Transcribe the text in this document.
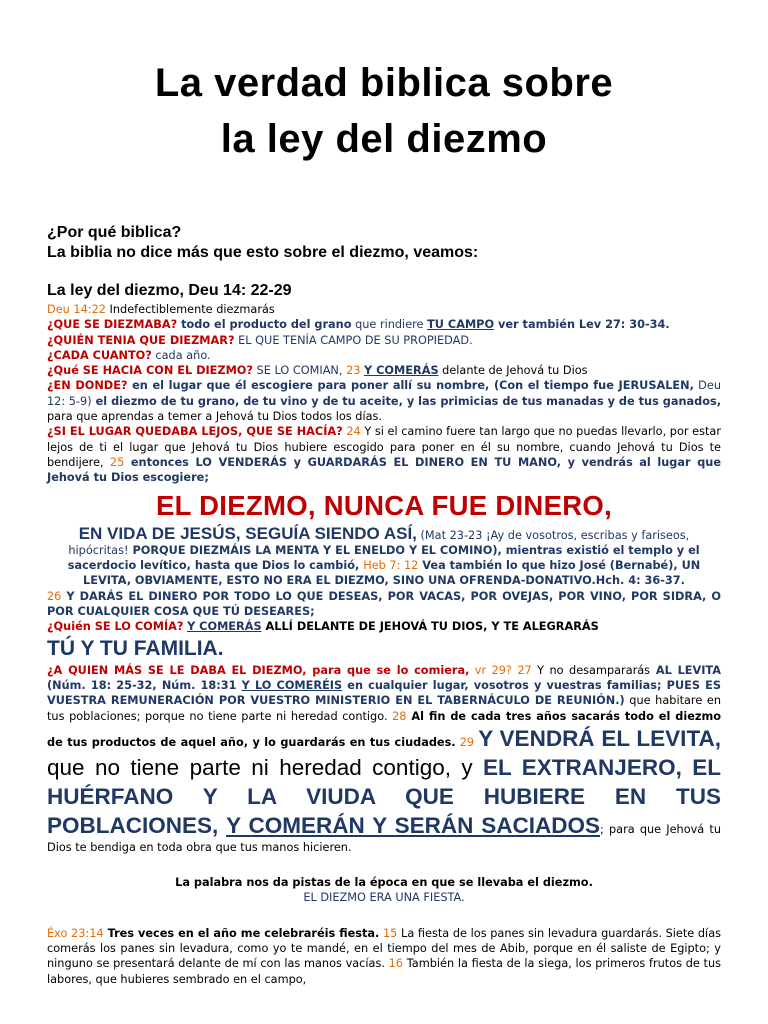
La verdad biblica sobre
la ley del diezmo
¿Por qué biblica?
La biblia no dice más que esto sobre el diezmo, veamos:
La ley del diezmo, Deu 14: 22-29

Deu 14:22 Indefectiblemente diezmarás

¿QUE SE DIEZMABA? todo el producto del grano que rindiere TU CAMPO ver también Lev 27: 30-34.

¿QUIÉN TENIA QUE DIEZMAR? EL QUE TENÍA CAMPO DE SU PROPIEDAD.

¿CADA CUANTO? cada año.

¿Qué SE HACIA CON EL DIEZMO? SE LO COMIAN, 23 Y COMERÁS delante de Jehová tu Dios

¿EN DONDE? en el lugar que él escogiere para poner allí su nombre, (Con el tiempo fue JERUSALEN, Deu 12: 5-9) el diezmo de tu grano, de tu vino y de tu aceite, y las primicias de tus manadas y de tus ganados, para que aprendas a temer a Jehová tu Dios todos los días.

¿SI EL LUGAR QUEDABA LEJOS, QUE SE HACÍA? 24 Y si el camino fuere tan largo que no puedas llevarlo, por estar lejos de ti el lugar que Jehová tu Dios hubiere escogido para poner en él su nombre, cuando Jehová tu Dios te bendijere, 25 entonces LO VENDERÁS y GUARDARÁS EL DINERO EN TU MANO, y vendrás al lugar que Jehová tu Dios escogiere;

EL DIEZMO, NUNCA FUE DINERO,

EN VIDA DE JESÚS, SEGUÍA SIENDO ASÍ, (Mat 23-23 ¡Ay de vosotros, escribas y fariseos, hipócritas! PORQUE DIEZMÁIS LA MENTA Y EL ENELDO Y EL COMINO), mientras existió el templo y el sacerdocio levítico, hasta que Dios lo cambió, Heb 7: 12 Vea también lo que hizo José (Bernabé), UN LEVITA, OBVIAMENTE, ESTO NO ERA EL DIEZMO, SINO UNA OFRENDA-DONATIVO.Hch. 4: 36-37.

26 Y DARÁS EL DINERO POR TODO LO QUE DESEAS, POR VACAS, POR OVEJAS, POR VINO, POR SIDRA, O POR CUALQUIER COSA QUE TÚ DESEARES;

¿Quién SE LO COMÍA? Y COMERÁS ALLÍ DELANTE DE JEHOVÁ TU DIOS, Y TE ALEGRARÁS
TÚ Y TU FAMILIA.

¿A QUIEN MÁS SE LE DABA EL DIEZMO, para que se lo comiera, vr 29? 27 Y no desampararás AL LEVITA (Núm. 18: 25-32, Núm. 18:31 Y LO COMERÉIS en cualquier lugar, vosotros y vuestras familias; PUES ES VUESTRA REMUNERACIÓN POR VUESTRO MINISTERIO EN EL TABERNÁCULO DE REUNIÓN.) que habitare en tus poblaciones; porque no tiene parte ni heredad contigo. 28 Al fin de cada tres años sacarás todo el diezmo de tus productos de aquel año, y lo guardarás en tus ciudades. 29 Y VENDRÁ EL LEVITA, que no tiene parte ni heredad contigo, y EL EXTRANJERO, EL HUÉRFANO Y LA VIUDA QUE HUBIERE EN TUS POBLACIONES, Y COMERÁN Y SERÁN SACIADOS; para que Jehová tu Dios te bendiga en toda obra que tus manos hicieren.

La palabra nos da pistas de la época en que se llevaba el diezmo.
EL DIEZMO ERA UNA FIESTA.

Éxo 23:14 Tres veces en el año me celebraréis fiesta. 15 La fiesta de los panes sin levadura guardarás. Siete días comerás los panes sin levadura, como yo te mandé, en el tiempo del mes de Abib, porque en él saliste de Egipto; y ninguno se presentará delante de mí con las manos vacías. 16 También la fiesta de la siega, los primeros frutos de tus labores, que hubieres sembrado en el campo,
